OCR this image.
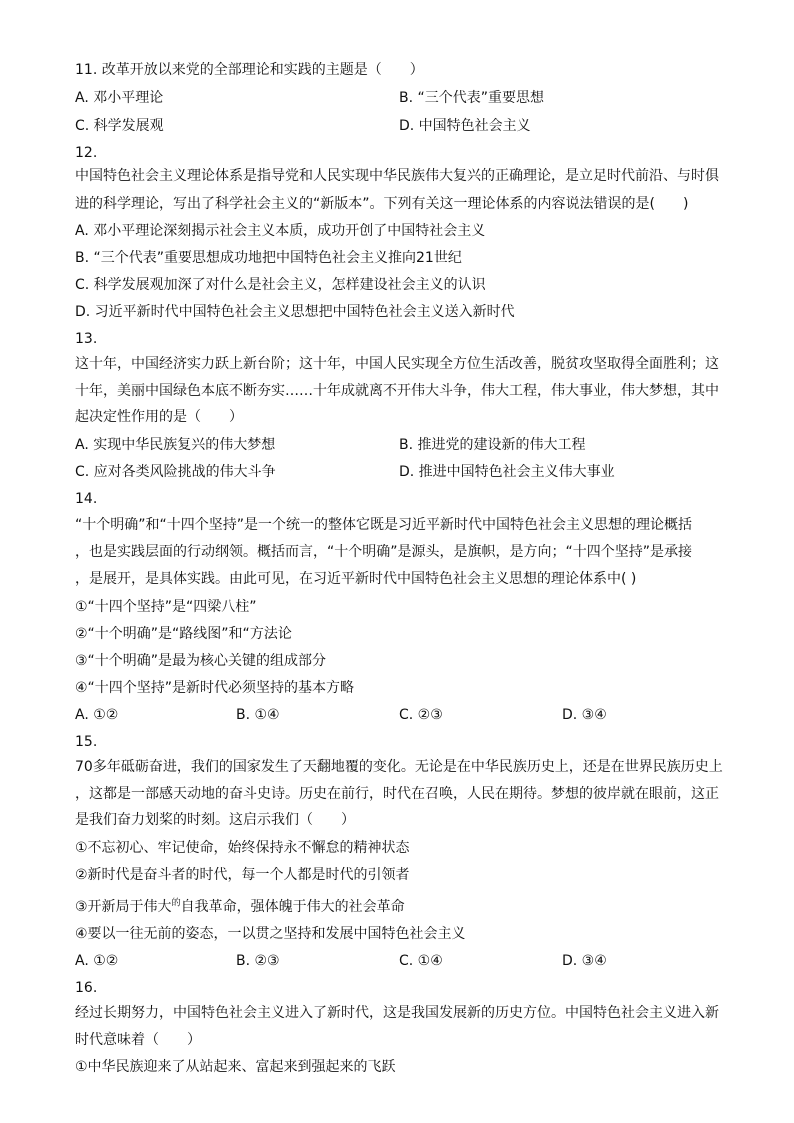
11. 改革开放以来党的全部理论和实践的主题是（　　）
A. 邓小平理论	B. “三个代表”重要思想
C. 科学发展观	D. 中国特色社会主义
12.
中国特色社会主义理论体系是指导党和人民实现中华民族伟大复兴的正确理论，是立足时代前沿、与时俱
进的科学理论，写出了科学社会主义的“新版本”。下列有关这一理论体系的内容说法错误的是(　　)
A. 邓小平理论深刻揭示社会主义本质，成功开创了中国特社会主义
B. “三个代表”重要思想成功地把中国特色社会主义推向21世纪
C. 科学发展观加深了对什么是社会主义，怎样建设社会主义的认识
D. 习近平新时代中国特色社会主义思想把中国特色社会主义送入新时代
13.
这十年，中国经济实力跃上新台阶；这十年，中国人民实现全方位生活改善，脱贫攻坚取得全面胜利；这
十年，美丽中国绿色本底不断夯实……十年成就离不开伟大斗争，伟大工程，伟大事业，伟大梦想，其中
起决定性作用的是（　　）
A. 实现中华民族复兴的伟大梦想	B. 推进党的建设新的伟大工程
C. 应对各类风险挑战的伟大斗争	D. 推进中国特色社会主义伟大事业
14.
“十个明确”和“十四个坚持”是一个统一的整体它既是习近平新时代中国特色社会主义思想的理论概括
，也是实践层面的行动纲领。概括而言，“十个明确”是源头，是旗帜，是方向；“十四个坚持”是承接
，是展开，是具体实践。由此可见，在习近平新时代中国特色社会主义思想的理论体系中( )
①“十四个坚持”是“四梁八柱”
②“十个明确”是“路线图”和“方法论
③“十个明确”是最为核心关键的组成部分
④“十四个坚持”是新时代必须坚持的基本方略
A. ①②	B. ①④	C. ②③	D. ③④
15.
70多年砥砺奋进，我们的国家发生了天翻地覆的变化。无论是在中华民族历史上，还是在世界民族历史上
，这都是一部感天动地的奋斗史诗。历史在前行，时代在召唤，人民在期待。梦想的彼岸就在眼前，这正
是我们奋力划桨的时刻。这启示我们（　　）
①不忘初心、牢记使命，始终保持永不懈怠的精神状态
②新时代是奋斗者的时代，每一个人都是时代的引领者
③开新局于伟大$^的$自我革命，强体魄于伟大的社会革命
④要以一往无前的姿态，一以贯之坚持和发展中国特色社会主义
A. ①②	B. ②③	C. ①④	D. ③④
16.
经过长期努力，中国特色社会主义进入了新时代，这是我国发展新的历史方位。中国特色社会主义进入新
时代意味着（　　）
①中华民族迎来了从站起来、富起来到强起来的飞跃
